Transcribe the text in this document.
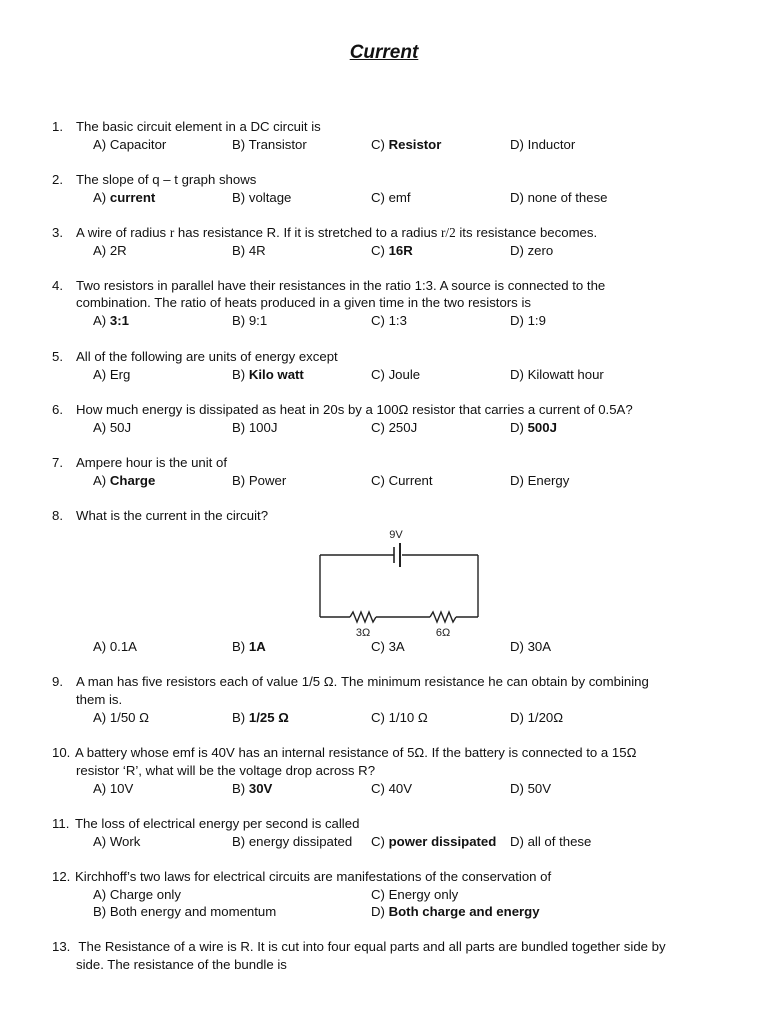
Current
1. The basic circuit element in a DC circuit is
A) Capacitor	B) Transistor	C) Resistor	D) Inductor
2. The slope of q – t graph shows
A) current	B) voltage	C) emf	D) none of these
3. A wire of radius r has resistance R. If it is stretched to a radius r/2 its resistance becomes.
A) 2R	B) 4R	C) 16R	D) zero
4. Two resistors in parallel have their resistances in the ratio 1:3. A source is connected to the
combination. The ratio of heats produced in a given time in the two resistors is
A) 3:1	B) 9:1	C) 1:3	D) 1:9
5. All of the following are units of energy except
A) Erg	B) Kilo watt	C) Joule	D) Kilowatt hour
6. How much energy is dissipated as heat in 20s by a 100Ω resistor that carries a current of 0.5A?
A) 50J	B) 100J	C) 250J	D) 500J
7. Ampere hour is the unit of
A) Charge	B) Power	C) Current	D) Energy
8. What is the current in the circuit?
9V
3Ω	6Ω
A) 0.1A	B) 1A	C) 3A	D) 30A
9. A man has five resistors each of value 1/5 Ω. The minimum resistance he can obtain by combining
them is.
A) 1/50 Ω	B) 1/25 Ω	C) 1/10 Ω	D) 1/20Ω
10. A battery whose emf is 40V has an internal resistance of 5Ω. If the battery is connected to a 15Ω
resistor ‘R’, what will be the voltage drop across R?
A) 10V	B) 30V	C) 40V	D) 50V
11. The loss of electrical energy per second is called
A) Work	B) energy dissipated C) power dissipated D) all of these
12. Kirchhoff’s two laws for electrical circuits are manifestations of the conservation of
A) Charge only	C) Energy only
B) Both energy and momentum	D) Both charge and energy
13. The Resistance of a wire is R. It is cut into four equal parts and all parts are bundled together side by
side. The resistance of the bundle is
